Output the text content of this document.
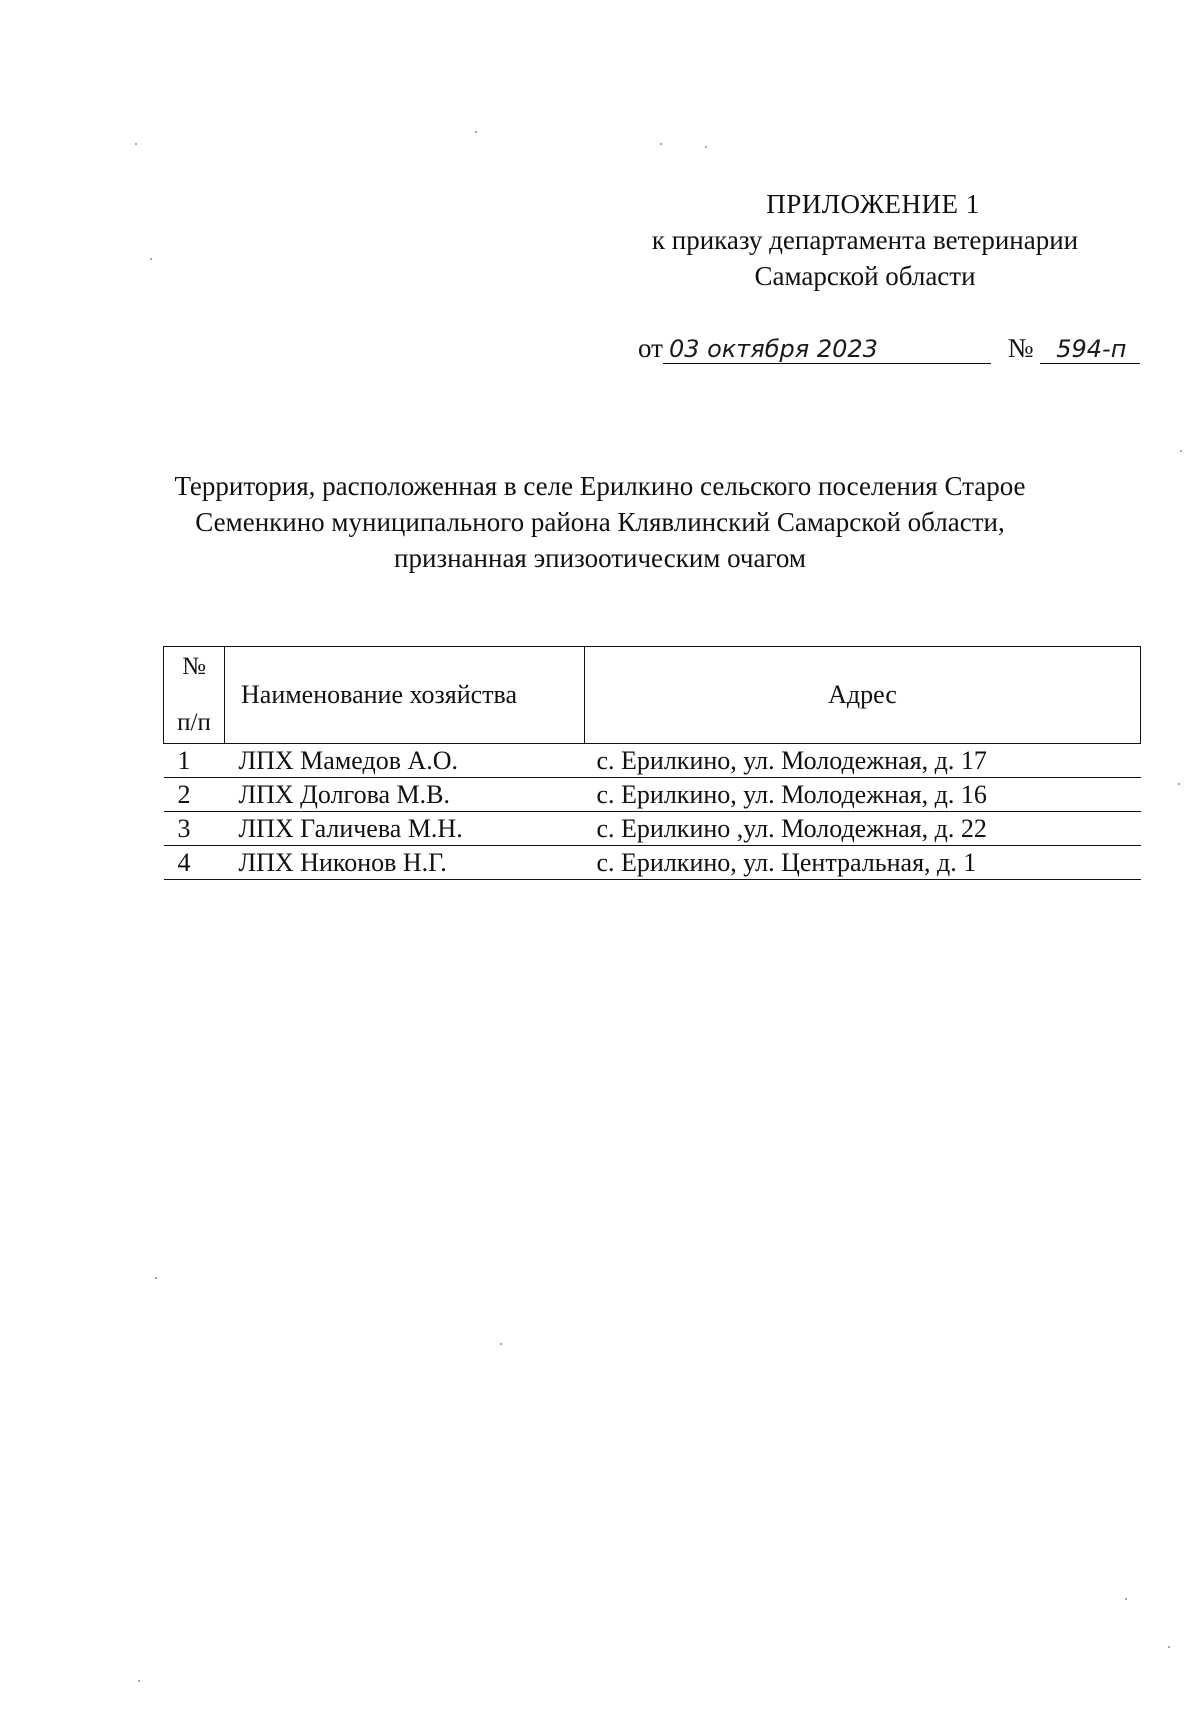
ПРИЛОЖЕНИЕ 1
к приказу департамента ветеринарии
Самарской области
от 03 октября 2023	№ 594-п
Территория, расположенная в селе Ерилкино сельского поселения Старое
Семенкино муниципального района Клявлинский Самарской области,
признанная эпизоотическим очагом
№
п/п	Наименование хозяйства	Адрес
1	ЛПХ Мамедов А.О.	с. Ерилкино, ул. Молодежная, д. 17
2	ЛПХ Долгова М.В.	с. Ерилкино, ул. Молодежная, д. 16
3	ЛПХ Галичева М.Н.	с. Ерилкино ,ул. Молодежная, д. 22
4	ЛПХ Никонов Н.Г.	с. Ерилкино, ул. Центральная, д. 1
